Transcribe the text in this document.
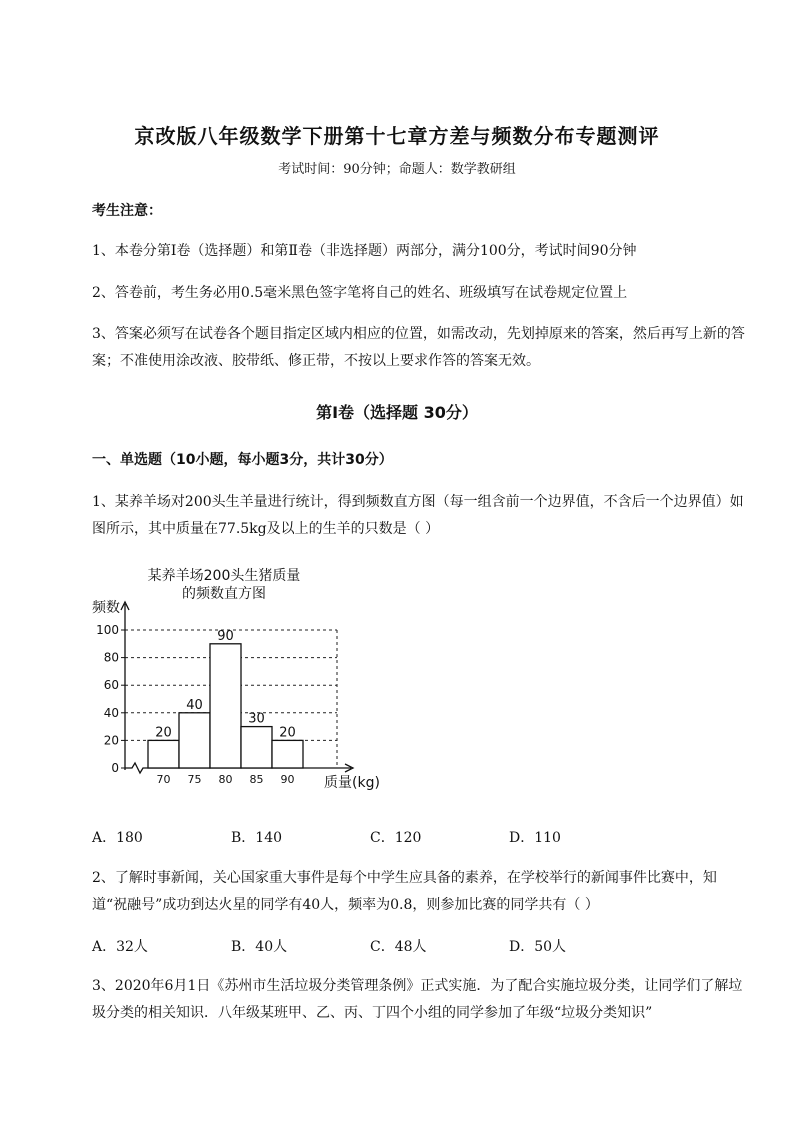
京改版八年级数学下册第十七章方差与频数分布专题测评
考试时间：90分钟；命题人：数学教研组
考生注意：
1、本卷分第I卷（选择题）和第Ⅱ卷（非选择题）两部分，满分100分，考试时间90分钟
2、答卷前，考生务必用0.5毫米黑色签字笔将自己的姓名、班级填写在试卷规定位置上
3、答案必须写在试卷各个题目指定区域内相应的位置，如需改动，先划掉原来的答案，然后再写上新的答案；不准使用涂改液、胶带纸、修正带，不按以上要求作答的答案无效。
第I卷（选择题 30分）
一、单选题（10小题，每小题3分，共计30分）
1、某养羊场对200头生羊量进行统计，得到频数直方图（每一组含前一个边界值，不含后一个边界值）如图所示，其中质量在77.5kg及以上的生羊的只数是（ ）
某养羊场200头生猪质量
的频数直方图
频数
质量(kg)
0
20
40
60
80
100
20
40
90
30
20
70 75 80 85 90
A．180	B．140	C．120	D．110
2、了解时事新闻，关心国家重大事件是每个中学生应具备的素养，在学校举行的新闻事件比赛中，知道“祝融号”成功到达火星的同学有40人，频率为0.8，则参加比赛的同学共有（ ）
A．32人	B．40人	C．48人	D．50人
3、2020年6月1日《苏州市生活垃圾分类管理条例》正式实施．为了配合实施垃圾分类，让同学们了解垃圾分类的相关知识．八年级某班甲、乙、丙、丁四个小组的同学参加了年级“垃圾分类知识”
